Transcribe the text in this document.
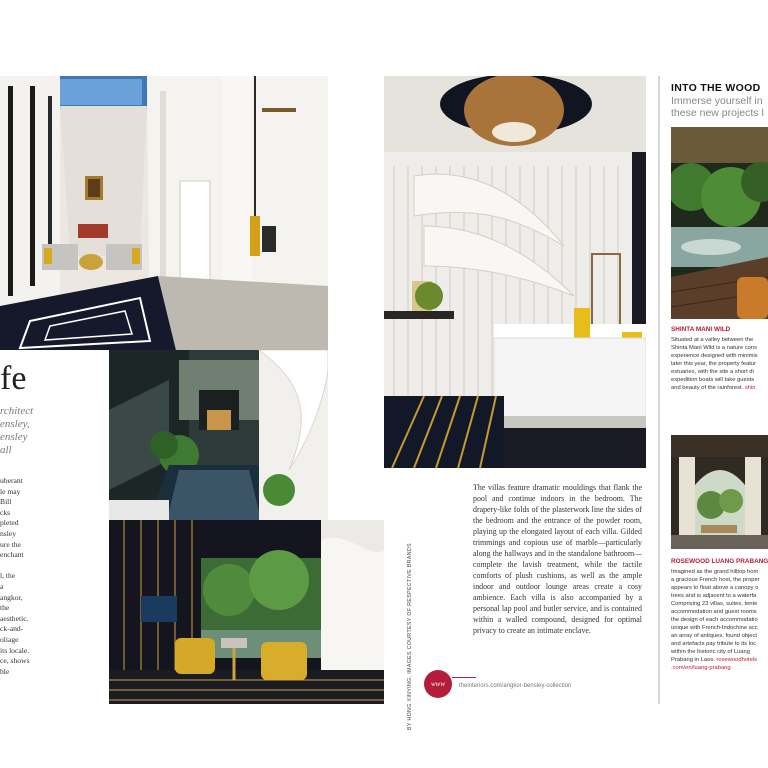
fe
rchitect
ensley,
ensley
all
uberant
le may
Bill
cks
pleted
nsley
ure the
enchant

l, the
a
angkor,
the
aesthetic.
ck-and-
oliage
its locale.
ce, shows
ble	BY HONG XINYING, IMAGES COURTESY OF RESPECTIVE BRANDS
The villas feature dramatic mouldings that flank the pool and continue indoors in the bedroom. The drapery-like folds of the plasterwork line the sides of the bedroom and the entrance of the powder room, playing up the elongated layout of each villa. Gilded trimmings and copious use of marble—particularly along the hallways and in the standalone bathroom—complete the lavish treatment, while the tactile comforts of plush cushions, as well as the ample indoor and outdoor lounge areas create a cosy ambience. Each villa is also accompanied by a personal lap pool and butler service, and is contained within a walled compound, designed for optimal privacy to create an intimate enclave.
www	theinteriors.com/angkor-bensley-collection
INTO THE WOOD
Immerse yourself in
these new projects l
SHINTA MANI WILD
Situated at a valley between the
Shinta Mani Wild is a nature cons
experience designed with minimis
later this year, the property featur
estuaries, with the site a short di
expedition boats will take guests
and beauty of the rainforest. shin
ROSEWOOD LUANG PRABANG
Imagined as the grand hilltop hom
a gracious French host, the proper
appears to float above a canopy o
trees and is adjacent to a waterfa
Comprising 23 villas, suites, tente
accommodation and guest rooms
the design of each accommodatio
unique with French-Indochine acc
an array of antiques, found object
and artefacts pay tribute to its loc
within the historic city of Luang
Prabang in Laos. rosewoodhotels
.com/en/luang-prabang
